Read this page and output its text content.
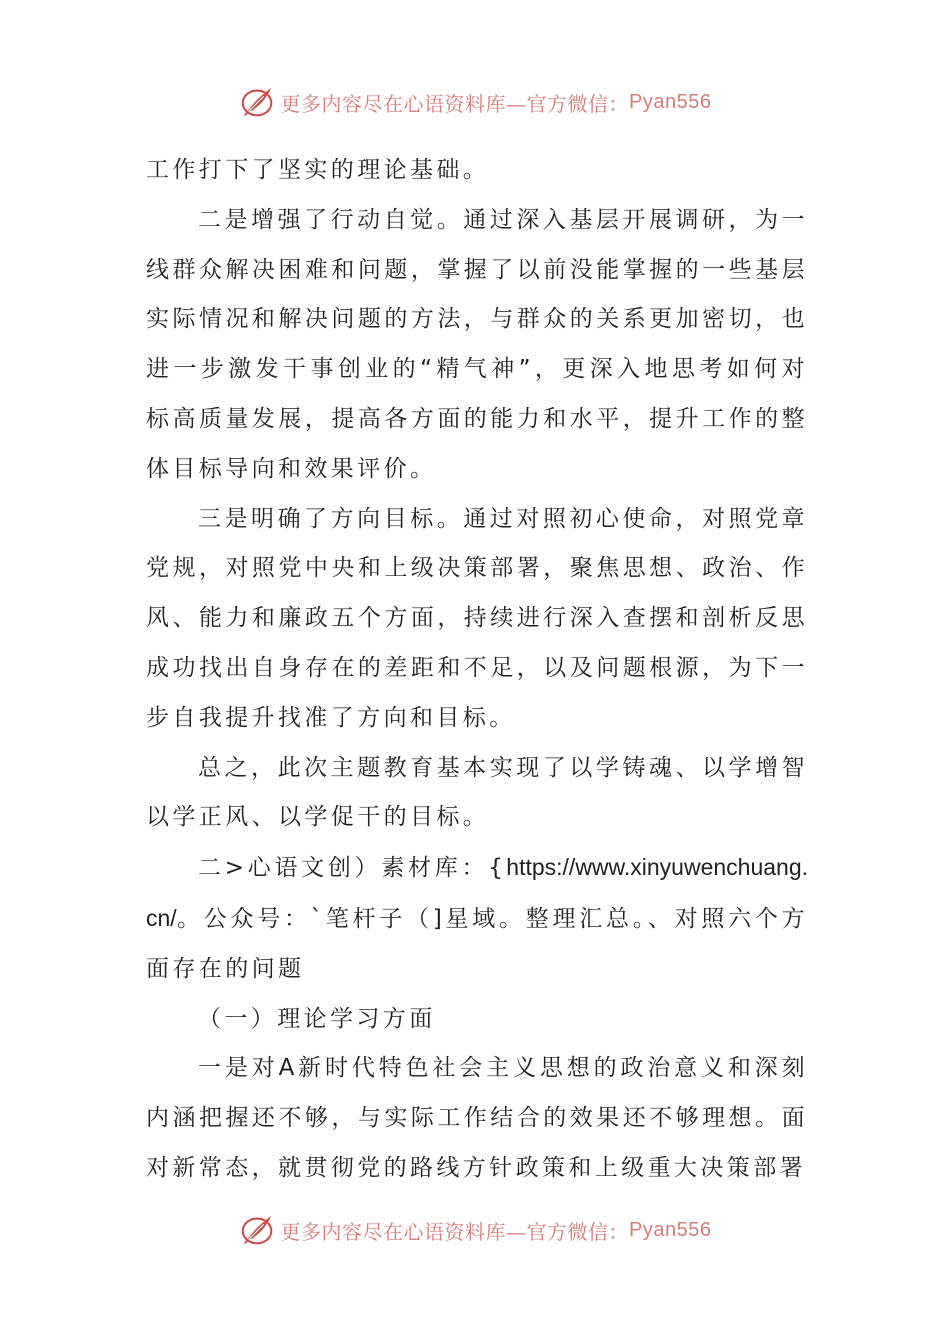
更多内容尽在心语资料库—官方微信： Pyan556

工作打下了坚实的理论基础。

二是增强了行动自觉。通过深入基层开展调研，为一线群众解决困难和问题，掌握了以前没能掌握的一些基层实际情况和解决问题的方法，与群众的关系更加密切，也进一步激发干事创业的“精气神”，更深入地思考如何对标高质量发展，提高各方面的能力和水平，提升工作的整体目标导向和效果评价。

三是明确了方向目标。通过对照初心使命，对照党章党规，对照党中央和上级决策部署，聚焦思想、政治、作风、能力和廉政五个方面，持续进行深入查摆和剖析反思成功找出自身存在的差距和不足，以及问题根源，为下一步自我提升找准了方向和目标。

总之，此次主题教育基本实现了以学铸魂、以学增智以学正风、以学促干的目标。

二>心语文创）素材库：{https://www.xinyuwenchuang.cn/。公众号：`笔杆子（]星域。整理汇总。、对照六个方面存在的问题

（一）理论学习方面

一是对A新时代特色社会主义思想的政治意义和深刻内涵把握还不够，与实际工作结合的效果还不够理想。面对新常态，就贯彻党的路线方针政策和上级重大决策部署

更多内容尽在心语资料库—官方微信： Pyan556
